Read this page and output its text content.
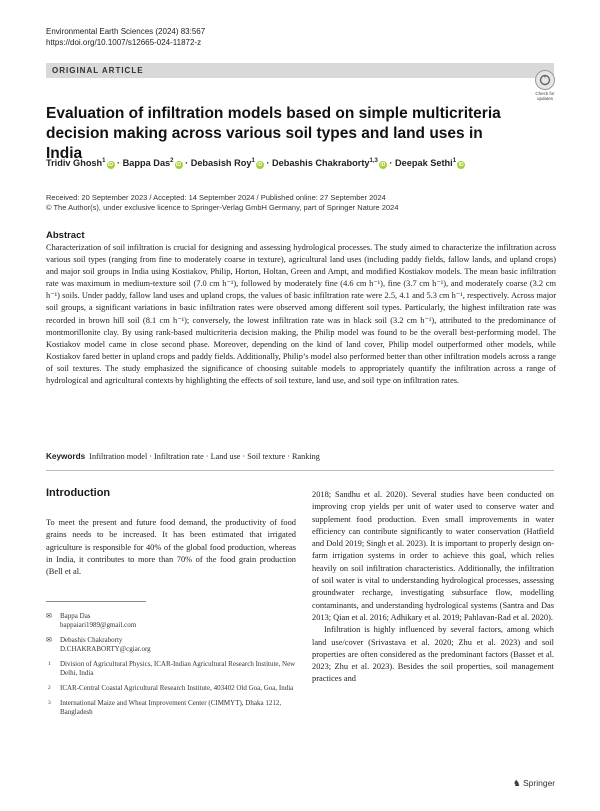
Environmental Earth Sciences (2024) 83:567
https://doi.org/10.1007/s12665-024-11872-z
ORIGINAL ARTICLE
Check for
updates
Evaluation of infiltration models based on simple multicriteria decision making across various soil types and land uses in India
Tridiv Ghosh$^1$iD · Bappa Das$^2$iD · Debasish Roy$^1$iD · Debashis Chakraborty$^{1,3}$iD · Deepak Sethi$^1$iD
Received: 20 September 2023 / Accepted: 14 September 2024 / Published online: 27 September 2024
© The Author(s), under exclusive licence to Springer-Verlag GmbH Germany, part of Springer Nature 2024
Abstract
Characterization of soil infiltration is crucial for designing and assessing hydrological processes. The study aimed to characterize the infiltration across various soil types (ranging from fine to moderately coarse in texture), agricultural land uses (including paddy fields, fallow lands, and upland crops) and major soil groups in India using Kostiakov, Philip, Horton, Holtan, Green and Ampt, and modified Kostiakov models. The mean basic infiltration rate was maximum in medium-texture soil (7.0 cm h⁻¹), followed by moderately fine (4.6 cm h⁻¹), fine (3.7 cm h⁻¹), and moderately coarse (3.2 cm h⁻¹) soils. Under paddy, fallow land uses and upland crops, the values of basic infiltration rate were 2.5, 4.1 and 5.3 cm h⁻¹, respectively. Across major soil groups, a significant variations in basic infiltration rates were observed among different soil types. Particularly, the highest infiltration rate was recorded in brown hill soil (8.1 cm h⁻¹); conversely, the lowest infiltration rate was in black soil (3.2 cm h⁻¹), attributed to the predominance of montmorillonite clay. By using rank-based multicriteria decision making, the Philip model was found to be the overall best-performing model. The Kostiakov model came in close second phase. Moreover, depending on the kind of land cover, Philip model outperformed other models, while Kostiakov fared better in upland crops and paddy fields. Additionally, Philip’s model also performed better than other infiltration models across a range of soil textures. The study emphasized the significance of choosing suitable models to appropriately quantify the infiltration across a range of hydrological and agricultural contexts by highlighting the effects of soil texture, land use, and soil type on infiltration rates.
Keywords Infiltration model · Infiltration rate · Land use · Soil texture · Ranking
Introduction
To meet the present and future food demand, the productivity of food grains needs to be increased. It has been estimated that irrigated agriculture is responsible for 40% of the global food production, whereas in India, it contributes to more than 70% of the food grain production (Bell et al.
✉ Bappa Das
bappaiari1989@gmail.com
✉ Debashis Chakraborty
D.CHAKRABORTY@cgiar.org
1 Division of Agricultural Physics, ICAR-Indian Agricultural Research Institute, New Delhi, India
2 ICAR-Central Coastal Agricultural Research Institute, 403402 Old Goa, Goa, India
3 International Maize and Wheat Improvement Center (CIMMYT), Dhaka 1212, Bangladesh

2018; Sandhu et al. 2020). Several studies have been conducted on improving crop yields per unit of water used to conserve water and supplement food production. Even small improvements in water efficiency can contribute significantly to water conservation (Hatfield and Dold 2019; Singh et al. 2023). It is important to properly design on-farm irrigation systems in order to achieve this goal, which relies heavily on soil infiltration characteristics. Additionally, the infiltration of soil water is vital to understanding hydrological processes, assessing groundwater recharge, investigating subsurface flow, modelling contaminants, and understanding hydrological systems (Santra and Das 2013; Qian et al. 2016; Adhikary et al. 2019; Pahlavan-Rad et al. 2020).

Infiltration is highly influenced by several factors, among which land use/cover (Srivastava et al. 2020; Zhu et al. 2023) and soil properties are often considered as the predominant factors (Basset et al. 2023; Zhu et al. 2023). Besides the soil properties, soil management practices and

♞ Springer
